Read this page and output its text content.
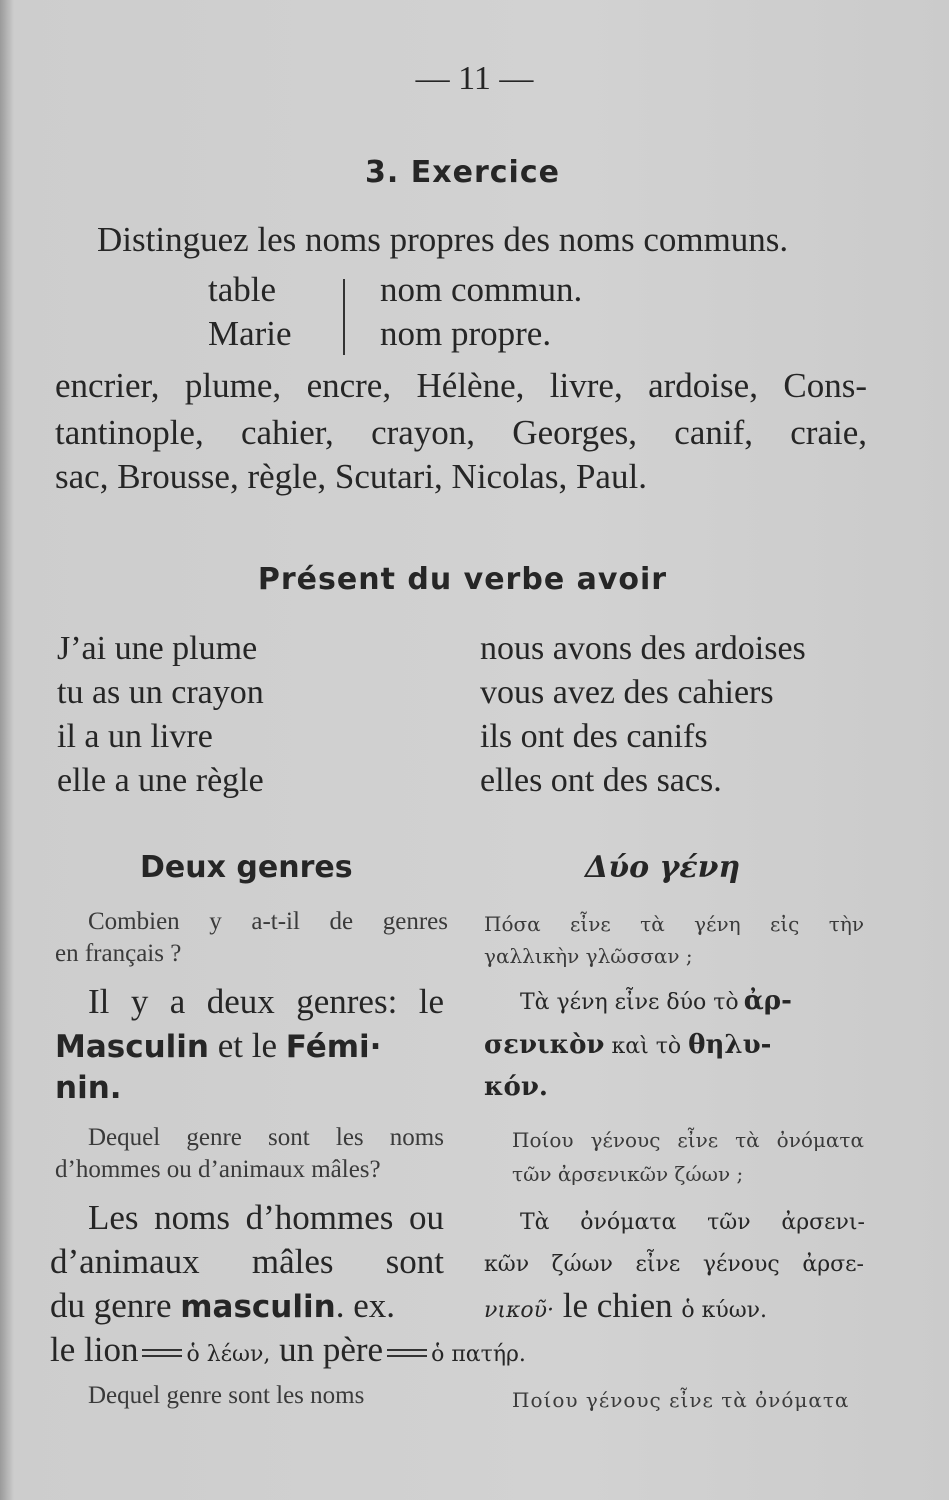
— 11 —
3. Exercice
Distinguez les noms propres des noms communs.
table
Marie
nom commun.
nom propre.
encrier, plume, encre, Hélène, livre, ardoise, Cons-
tantinople, cahier, crayon, Georges, canif, craie,
sac, Brousse, règle, Scutari, Nicolas, Paul.
Présent du verbe avoir
J’ai une plume
tu as un crayon
il a un livre
elle a une règle
nous avons des ardoises
vous avez des cahiers
ils ont des canifs
elles ont des sacs.
Deux genres	Δύο γένη
Combien y a-t-il de genres
en français ?
Πόσα εἶνε τὰ γένη εἰς τὴν
γαλλικὴν γλῶσσαν ;
Il y a deux genres: le
Masculin et le Fémi·
nin.
Τὰ γένη εἶνε δύο τὸ ἀρ-
σενικὸν καὶ τὸ θηλυ-
κόν.
Dequel genre sont les noms
d’hommes ou d’animaux mâles?
Ποίου γένους εἶνε τὰ ὀνόματα
τῶν ἀρσενικῶν ζώων ;
Les noms d’hommes ou
d’animaux mâles sont
du genre masculin. ex.
Τὰ ὀνόματα τῶν ἀρσενι-
κῶν ζώων εἶνε γένους ἀρσε-
νικοῦ· le chien ὁ κύων.
le lion ὁ λέων, un père ὁ πατήρ.
Dequel genre sont les noms	Ποίου γένους εἶνε τὰ ὀνόματα
